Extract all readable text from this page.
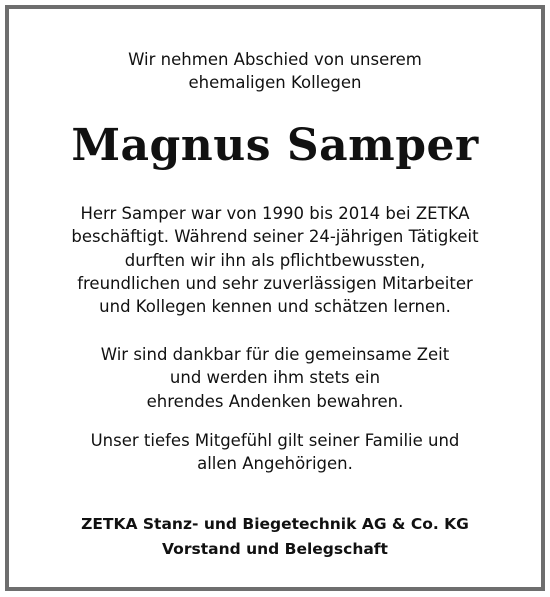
Wir nehmen Abschied von unserem
ehemaligen Kollegen
Magnus Samper
Herr Samper war von 1990 bis 2014 bei ZETKA
beschäftigt. Während seiner 24-jährigen Tätigkeit
durften wir ihn als pflichtbewussten,
freundlichen und sehr zuverlässigen Mitarbeiter
und Kollegen kennen und schätzen lernen.
Wir sind dankbar für die gemeinsame Zeit
und werden ihm stets ein
ehrendes Andenken bewahren.
Unser tiefes Mitgefühl gilt seiner Familie und
allen Angehörigen.
ZETKA Stanz- und Biegetechnik AG & Co. KG
Vorstand und Belegschaft
